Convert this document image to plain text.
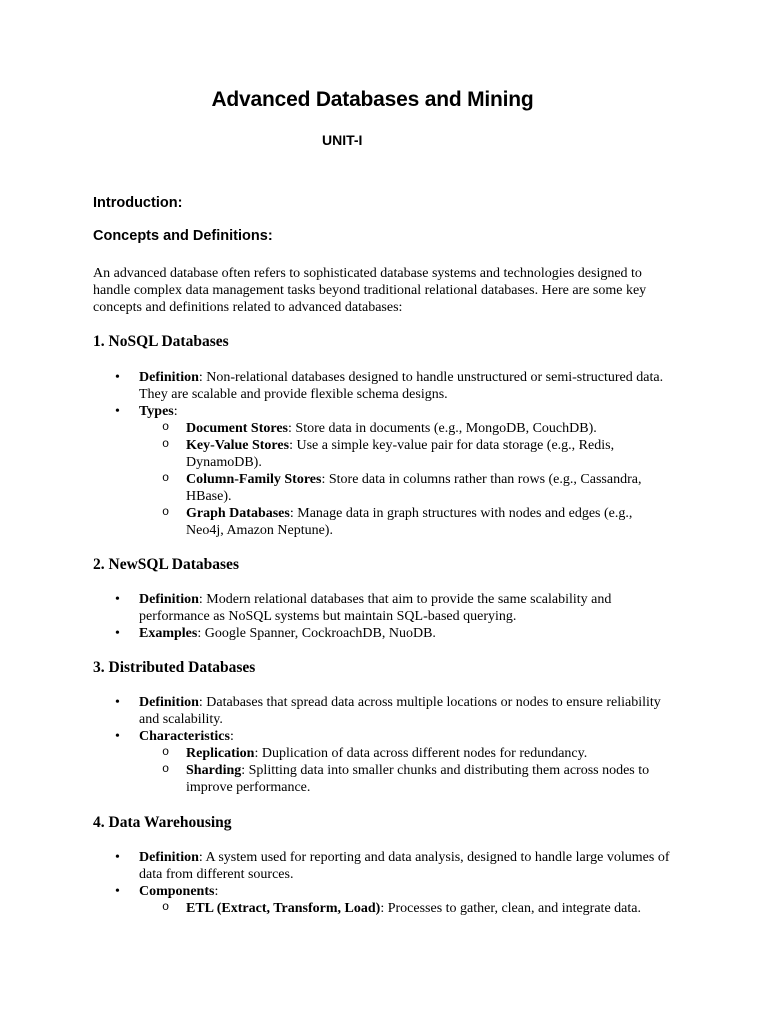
Advanced Databases and Mining
UNIT-I
Introduction:
Concepts and Definitions:
An advanced database often refers to sophisticated database systems and technologies designed to handle complex data management tasks beyond traditional relational databases. Here are some key concepts and definitions related to advanced databases:
1. NoSQL Databases
• Definition: Non-relational databases designed to handle unstructured or semi-structured data. They are scalable and provide flexible schema designs.
• Types:
o Document Stores: Store data in documents (e.g., MongoDB, CouchDB).
o Key-Value Stores: Use a simple key-value pair for data storage (e.g., Redis, DynamoDB).
o Column-Family Stores: Store data in columns rather than rows (e.g., Cassandra, HBase).
o Graph Databases: Manage data in graph structures with nodes and edges (e.g., Neo4j, Amazon Neptune).
2. NewSQL Databases
• Definition: Modern relational databases that aim to provide the same scalability and performance as NoSQL systems but maintain SQL-based querying.
• Examples: Google Spanner, CockroachDB, NuoDB.
3. Distributed Databases
• Definition: Databases that spread data across multiple locations or nodes to ensure reliability and scalability.
• Characteristics:
o Replication: Duplication of data across different nodes for redundancy.
o Sharding: Splitting data into smaller chunks and distributing them across nodes to improve performance.
4. Data Warehousing
• Definition: A system used for reporting and data analysis, designed to handle large volumes of data from different sources.
• Components:
o ETL (Extract, Transform, Load): Processes to gather, clean, and integrate data.
